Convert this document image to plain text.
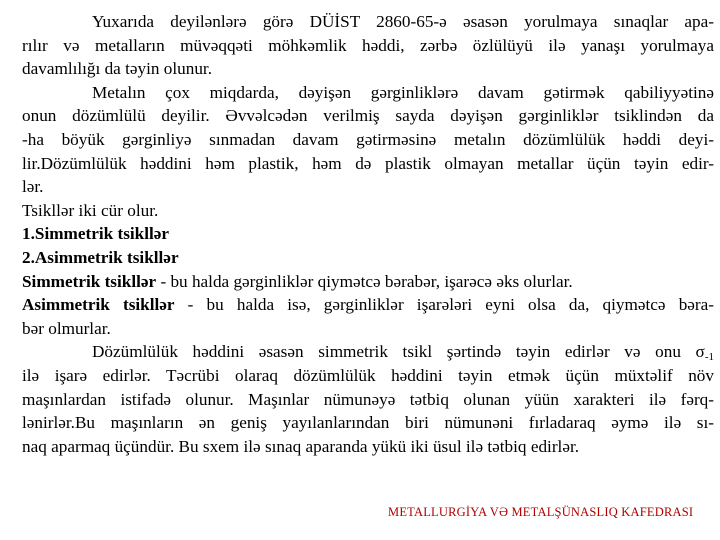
Yuxarıda deyilənlərə görə DÜİST 2860-65-ə əsasən yorulmaya sınaqlar apa-
rılır və metalların müvəqqəti möhkəmlik həddi, zərbə özlülüyü ilə yanaşı yorulmaya
davamlılığı da təyin olunur.

Metalın çox miqdarda, dəyişən gərginliklərə davam gətirmək qabiliyyətinə
onun dözümlülü deyilir. Əvvəlcədən verilmiş sayda dəyişən gərginliklər tsiklindən da
-ha böyük gərginliyə sınmadan davam gətirməsinə metalın dözümlülük həddi deyi-
lir.Dözümlülük həddini həm plastik, həm də plastik olmayan metallar üçün təyin edir-
lər.

Tsikllər iki cür olur.

1.Simmetrik tsikllər
2.Asimmetrik tsikllər

Simmetrik tsikllər - bu halda gərginliklər qiymətcə bərabər, işarəcə əks olurlar.

Asimmetrik tsikllər - bu halda isə, gərginliklər işarələri eyni olsa da, qiymətcə bəra-
bər olmurlar.

Dözümlülük həddini əsasən simmetrik tsikl şərtində təyin edirlər və onu $\sigma_{-1}$
ilə işarə edirlər. Təcrübi olaraq dözümlülük həddini təyin etmək üçün müxtəlif növ
maşınlardan istifadə olunur. Maşınlar nümunəyə tətbiq olunan yüün xarakteri ilə fərq-
lənirlər.Bu maşınların ən geniş yayılanlarından biri nümunəni fırladaraq əymə ilə sı-
naq aparmaq üçündür. Bu sxem ilə sınaq aparanda yükü iki üsul ilə tətbiq edirlər.

METALLURGİYA VƏ METALŞÜNASLIQ KAFEDRASI
